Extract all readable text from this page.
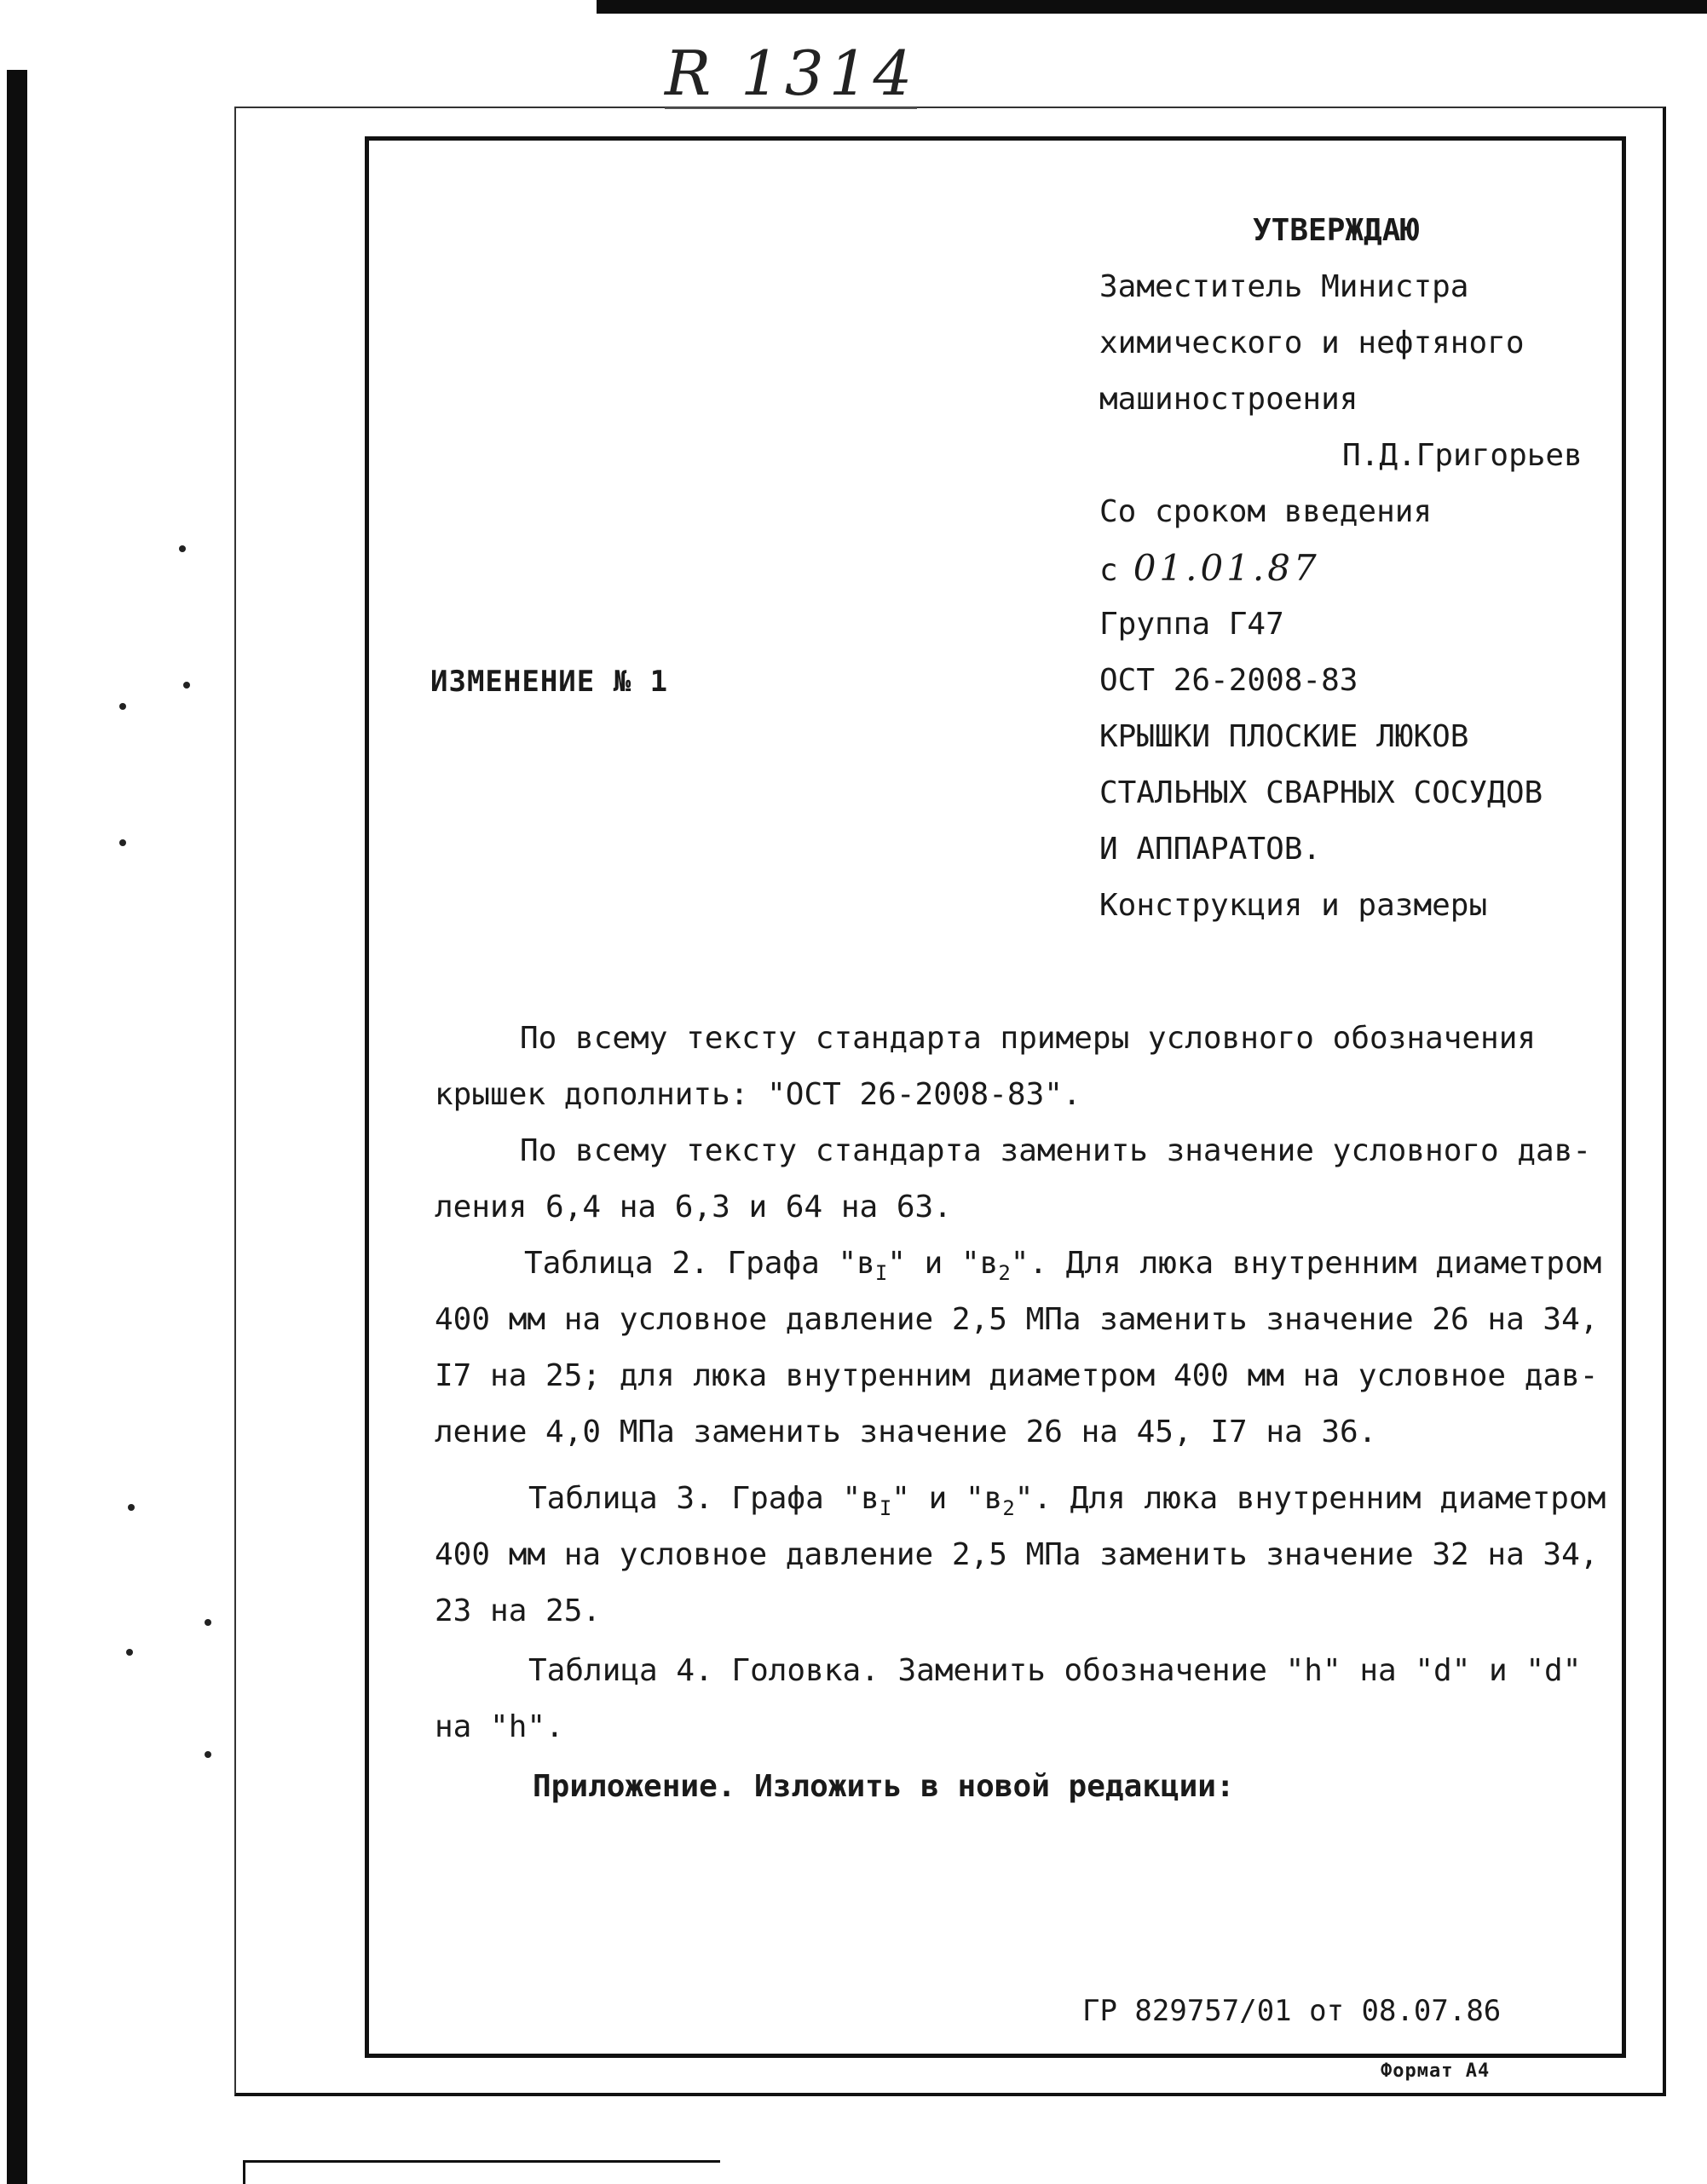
R 1314
УТВЕРЖДАЮ
Заместитель Министра
химического и нефтяного
машиностроения
П.Д.Григорьев
Со сроком введения
с 01.01.87
Группа Г47
ОСТ 26-2008-83
КРЫШКИ ПЛОСКИЕ ЛЮКОВ
СТАЛЬНЫХ СВАРНЫХ СОСУДОВ
И АППАРАТОВ.
Конструкция и размеры
ИЗМЕНЕНИЕ № 1
По всему тексту стандарта примеры условного обозначения
крышек дополнить: "ОСТ 26-2008-83".
По всему тексту стандарта заменить значение условного дав-
ления 6,4 на 6,3 и 64 на 63.
Таблица 2. Графа "$в_I$" и "$в_2$". Для люка внутренним диаметром
400 мм на условное давление 2,5 МПа заменить значение 26 на 34,
I7 на 25; для люка внутренним диаметром 400 мм на условное дав-
ление 4,0 МПа заменить значение 26 на 45, I7 на 36.
Таблица 3. Графа "$в_I$" и "$в_2$". Для люка внутренним диаметром
400 мм на условное давление 2,5 МПа заменить значение 32 на 34,
23 на 25.
Таблица 4. Головка. Заменить обозначение "h" на "d" и "d"
на "h".
Приложение. Изложить в новой редакции:
ГР 829757/01 от 08.07.86
Формат А4
